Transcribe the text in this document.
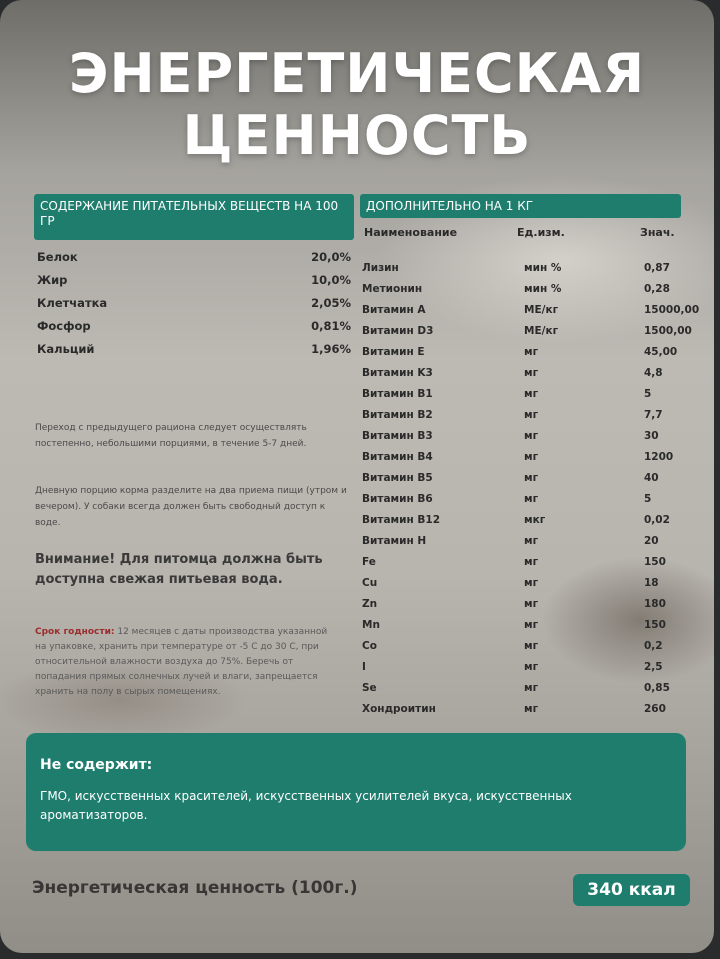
ЭНЕРГЕТИЧЕСКАЯ
ЦЕННОСТЬ
СОДЕРЖАНИЕ ПИТАТЕЛЬНЫХ ВЕЩЕСТВ НА 100 ГР
Белок	20,0%
Жир	10,0%
Клетчатка	2,05%
Фосфор	0,81%
Кальций	1,96%
Переход с предыдущего рациона следует осуществлять постепенно, небольшими порциями, в течение 5-7 дней.
Дневную порцию корма разделите на два приема пищи (утром и вечером). У собаки всегда должен быть свободный доступ к воде.
Внимание! Для питомца должна быть доступна свежая питьевая вода.
Срок годности: 12 месяцев с даты производства указанной на упаковке, хранить при температуре от -5 С до 30 С, при относительной влажности воздуха до 75%. Беречь от попадания прямых солнечных лучей и влаги, запрещается хранить на полу в сырых помещениях.
ДОПОЛНИТЕЛЬНО НА 1 КГ
Наименование	Ед.изм.	Знач.
Лизин	мин %	0,87
Метионин	мин %	0,28
Витамин A	МЕ/кг	15000,00
Витамин D3	МЕ/кг	1500,00
Витамин E	мг	45,00
Витамин K3	мг	4,8
Витамин B1	мг	5
Витамин B2	мг	7,7
Витамин B3	мг	30
Витамин B4	мг	1200
Витамин B5	мг	40
Витамин B6	мг	5
Витамин B12	мкг	0,02
Витамин H	мг	20
Fe	мг	150
Cu	мг	18
Zn	мг	180
Mn	мг	150
Co	мг	0,2
I	мг	2,5
Se	мг	0,85
Хондроитин	мг	260
Не содержит:
ГМО, искусственных красителей, искусственных усилителей вкуса, искусственных ароматизаторов.
Энергетическая ценность (100г.)	340 ккал
